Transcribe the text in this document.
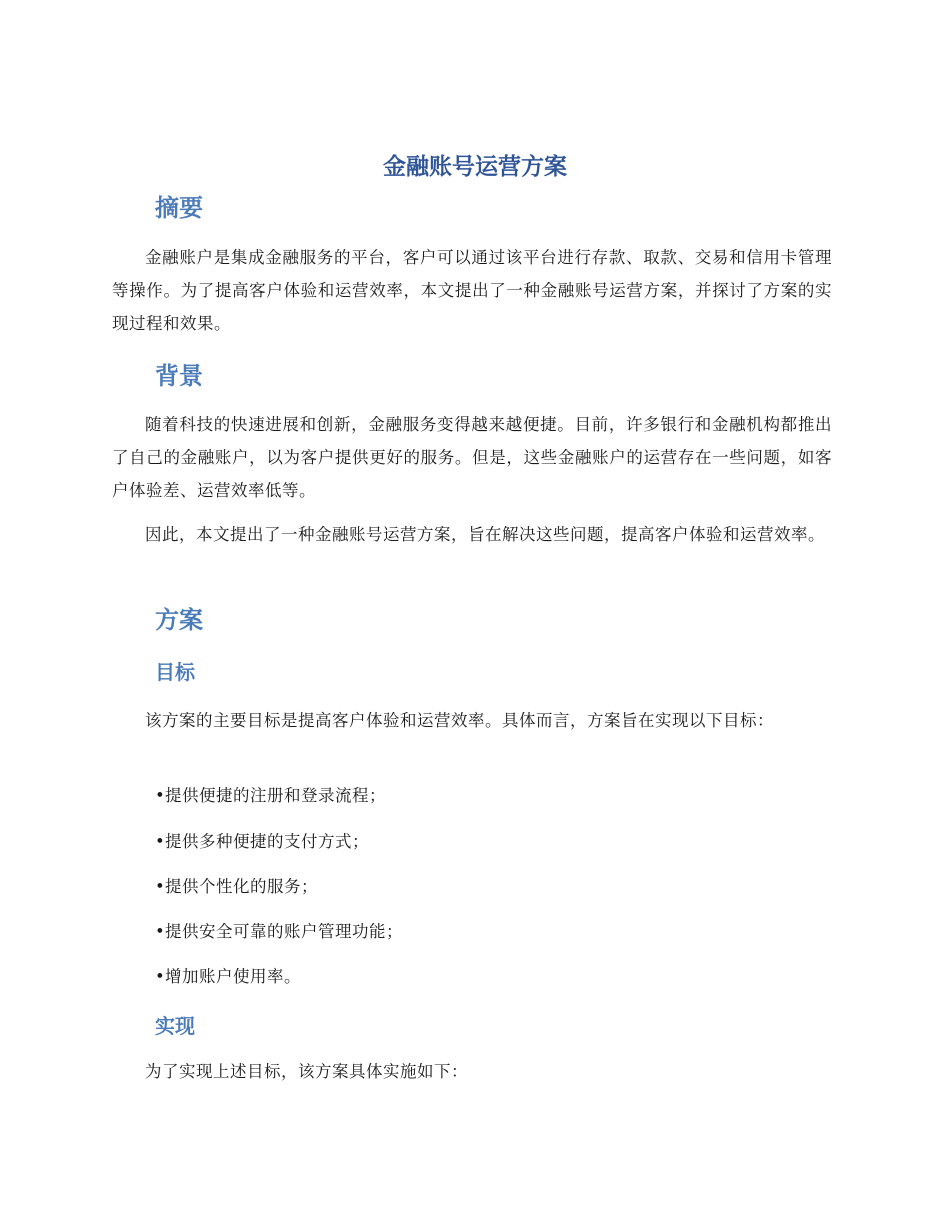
金融账号运营方案
摘要

金融账户是集成金融服务的平台，客户可以通过该平台进行存款、取款、交易和信用卡管理等操作。为了提高客户体验和运营效率，本文提出了一种金融账号运营方案，并探讨了方案的实现过程和效果。

背景

随着科技的快速进展和创新，金融服务变得越来越便捷。目前，许多银行和金融机构都推出了自己的金融账户，以为客户提供更好的服务。但是，这些金融账户的运营存在一些问题，如客户体验差、运营效率低等。

因此，本文提出了一种金融账号运营方案，旨在解决这些问题，提高客户体验和运营效率。

方案
目标

该方案的主要目标是提高客户体验和运营效率。具体而言，方案旨在实现以下目标：

•提供便捷的注册和登录流程；

•提供多种便捷的支付方式；

•提供个性化的服务；

•提供安全可靠的账户管理功能；

•增加账户使用率。

实现

为了实现上述目标，该方案具体实施如下：
